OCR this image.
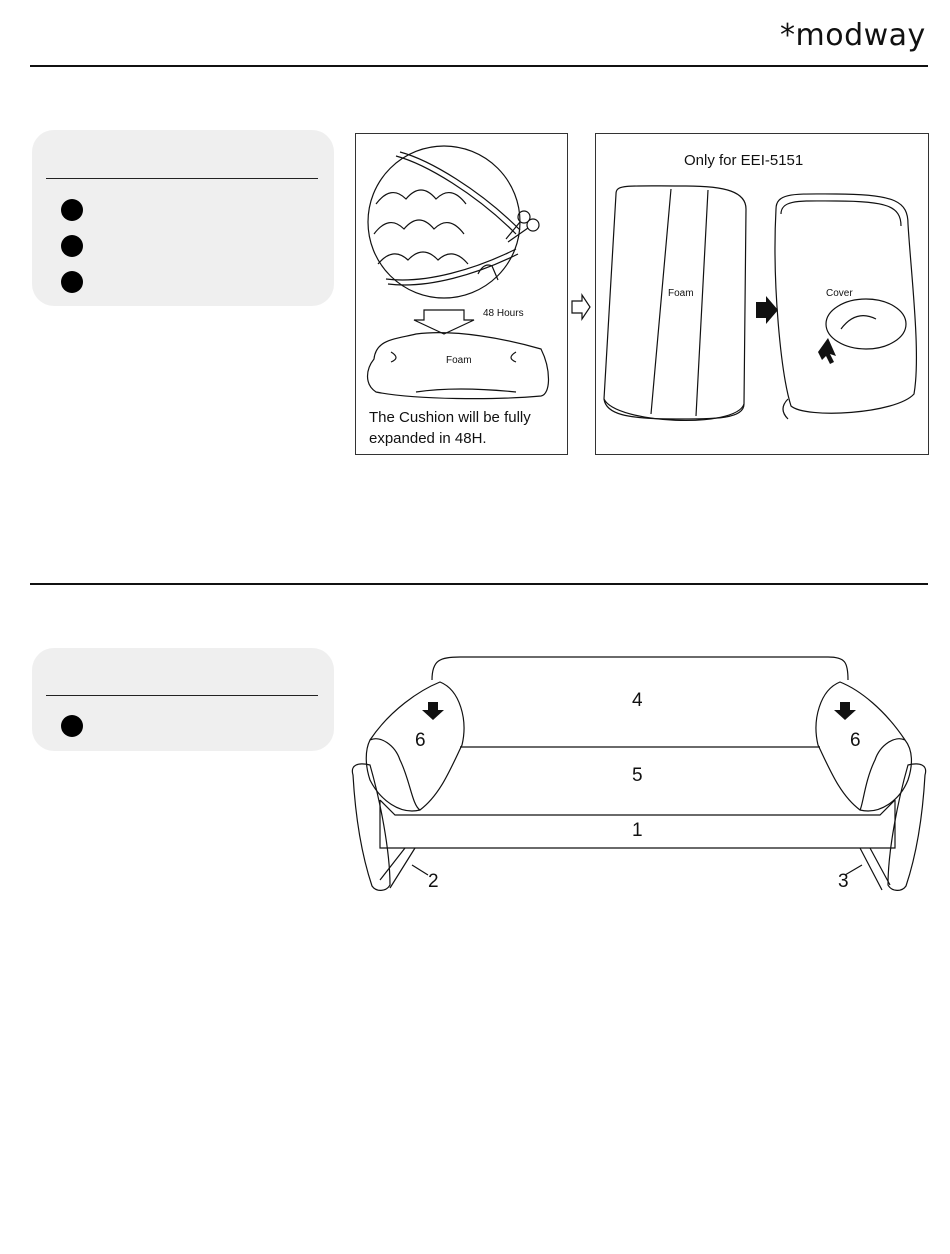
*modway
48 Hours
Foam
The Cushion will be fully
expanded in 48H.
Only for EEI-5151
Foam	Cover
4
5
1
6	6
2	3
